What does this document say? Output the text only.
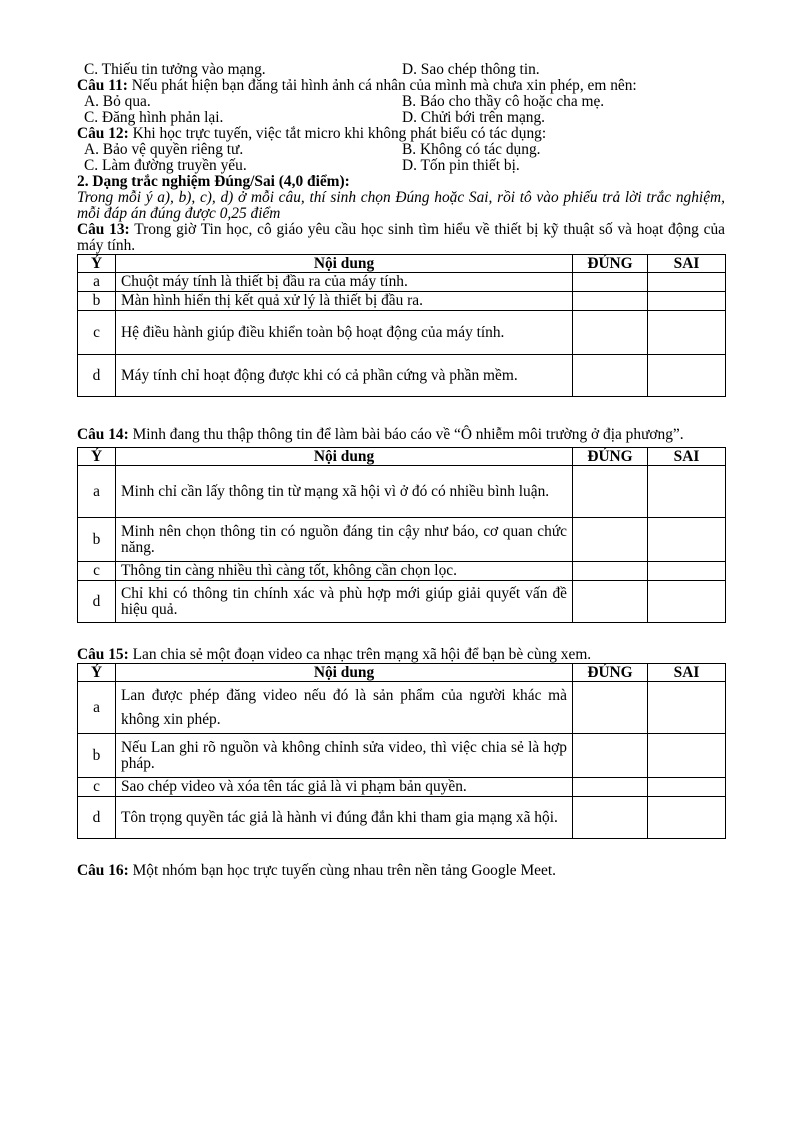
C. Thiếu tin tưởng vào mạng.	D. Sao chép thông tin.
Câu 11: Nếu phát hiện bạn đăng tải hình ảnh cá nhân của mình mà chưa xin phép, em nên:
A. Bỏ qua.	B. Báo cho thầy cô hoặc cha mẹ.
C. Đăng hình phản lại.	D. Chửi bới trên mạng.
Câu 12: Khi học trực tuyến, việc tắt micro khi không phát biểu có tác dụng:
A. Bảo vệ quyền riêng tư.	B. Không có tác dụng.
C. Làm đường truyền yếu.	D. Tốn pin thiết bị.
2. Dạng trắc nghiệm Đúng/Sai (4,0 điểm):
Trong mỗi ý a), b), c), d) ở mỗi câu, thí sinh chọn Đúng hoặc Sai, rồi tô vào phiếu trả lời trắc nghiệm, mỗi đáp án đúng được 0,25 điểm
Câu 13: Trong giờ Tin học, cô giáo yêu cầu học sinh tìm hiểu về thiết bị kỹ thuật số và hoạt động của máy tính.
Ý	Nội dung	ĐÚNG	SAI
a	Chuột máy tính là thiết bị đầu ra của máy tính.		
b	Màn hình hiển thị kết quả xử lý là thiết bị đầu ra.		
c	Hệ điều hành giúp điều khiển toàn bộ hoạt động của máy tính.		
d	Máy tính chỉ hoạt động được khi có cả phần cứng và phần mềm.		
Câu 14: Minh đang thu thập thông tin để làm bài báo cáo về “Ô nhiễm môi trường ở địa phương”.
Ý	Nội dung	ĐÚNG	SAI
a	Minh chỉ cần lấy thông tin từ mạng xã hội vì ở đó có nhiều bình luận.		
b	Minh nên chọn thông tin có nguồn đáng tin cậy như báo, cơ quan chức năng.		
c	Thông tin càng nhiều thì càng tốt, không cần chọn lọc.		
d	Chỉ khi có thông tin chính xác và phù hợp mới giúp giải quyết vấn đề hiệu quả.		
Câu 15: Lan chia sẻ một đoạn video ca nhạc trên mạng xã hội để bạn bè cùng xem.
Ý	Nội dung	ĐÚNG	SAI
a	Lan được phép đăng video nếu đó là sản phẩm của người khác mà không xin phép.		
b	Nếu Lan ghi rõ nguồn và không chỉnh sửa video, thì việc chia sẻ là hợp pháp.		
c	Sao chép video và xóa tên tác giả là vi phạm bản quyền.		
d	Tôn trọng quyền tác giả là hành vi đúng đắn khi tham gia mạng xã hội.		
Câu 16: Một nhóm bạn học trực tuyến cùng nhau trên nền tảng Google Meet.
